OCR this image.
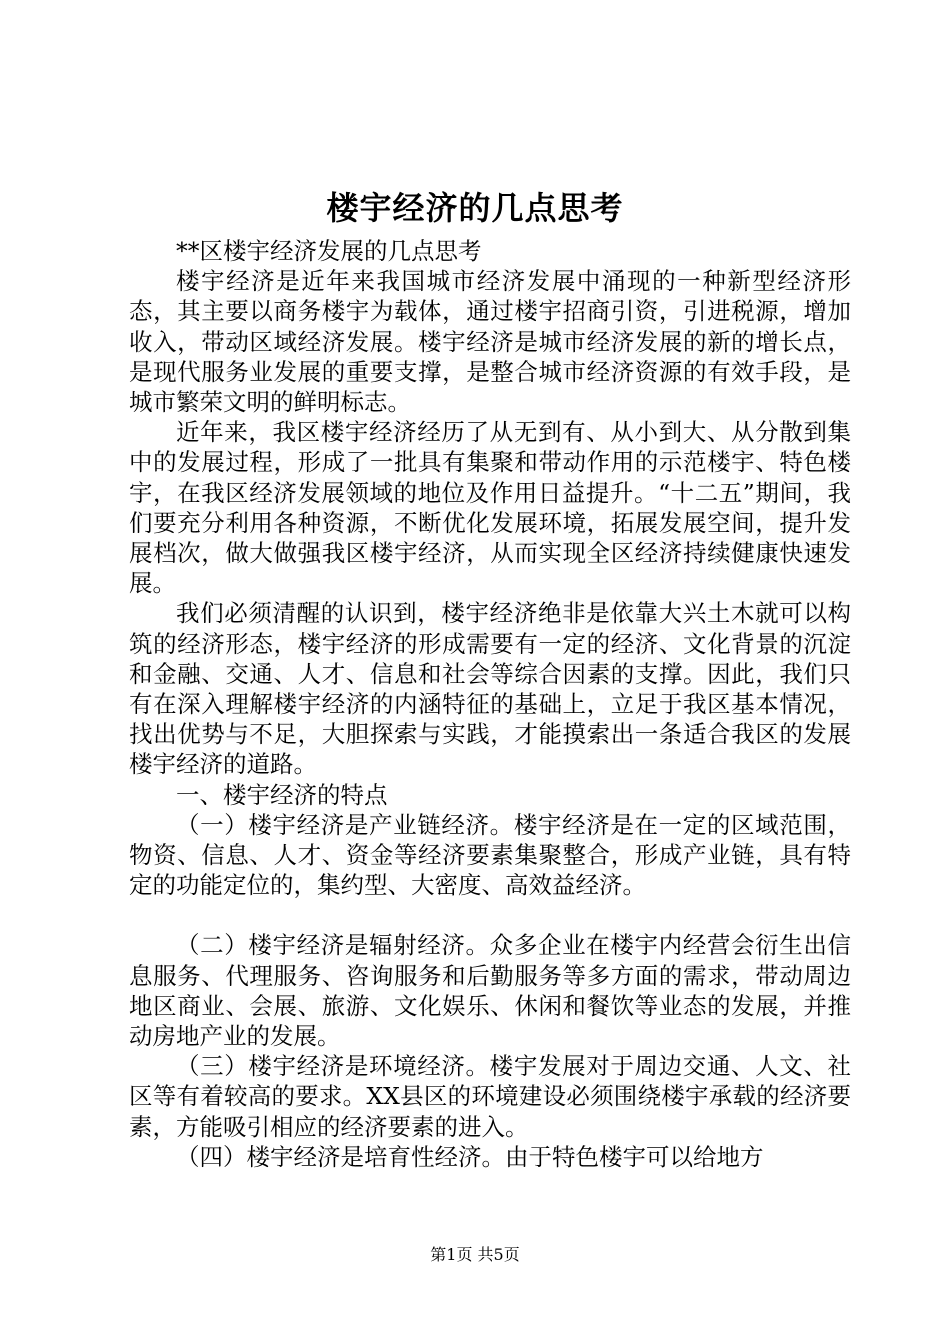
楼宇经济的几点思考

**区楼宇经济发展的几点思考

楼宇经济是近年来我国城市经济发展中涌现的一种新型经济形态，其主要以商务楼宇为载体，通过楼宇招商引资，引进税源，增加收入，带动区域经济发展。楼宇经济是城市经济发展的新的增长点，是现代服务业发展的重要支撑，是整合城市经济资源的有效手段，是城市繁荣文明的鲜明标志。

近年来，我区楼宇经济经历了从无到有、从小到大、从分散到集中的发展过程，形成了一批具有集聚和带动作用的示范楼宇、特色楼宇，在我区经济发展领域的地位及作用日益提升。“十二五”期间，我们要充分利用各种资源，不断优化发展环境，拓展发展空间，提升发展档次，做大做强我区楼宇经济，从而实现全区经济持续健康快速发展。

我们必须清醒的认识到，楼宇经济绝非是依靠大兴土木就可以构筑的经济形态，楼宇经济的形成需要有一定的经济、文化背景的沉淀和金融、交通、人才、信息和社会等综合因素的支撑。因此，我们只有在深入理解楼宇经济的内涵特征的基础上，立足于我区基本情况，找出优势与不足，大胆探索与实践，才能摸索出一条适合我区的发展楼宇经济的道路。

一、楼宇经济的特点

（一）楼宇经济是产业链经济。楼宇经济是在一定的区域范围，物资、信息、人才、资金等经济要素集聚整合，形成产业链，具有特定的功能定位的，集约型、大密度、高效益经济。

（二）楼宇经济是辐射经济。众多企业在楼宇内经营会衍生出信息服务、代理服务、咨询服务和后勤服务等多方面的需求，带动周边地区商业、会展、旅游、文化娱乐、休闲和餐饮等业态的发展，并推动房地产业的发展。

（三）楼宇经济是环境经济。楼宇发展对于周边交通、人文、社区等有着较高的要求。XX县区的环境建设必须围绕楼宇承载的经济要素，方能吸引相应的经济要素的进入。

（四）楼宇经济是培育性经济。由于特色楼宇可以给地方

第1页 共5页
